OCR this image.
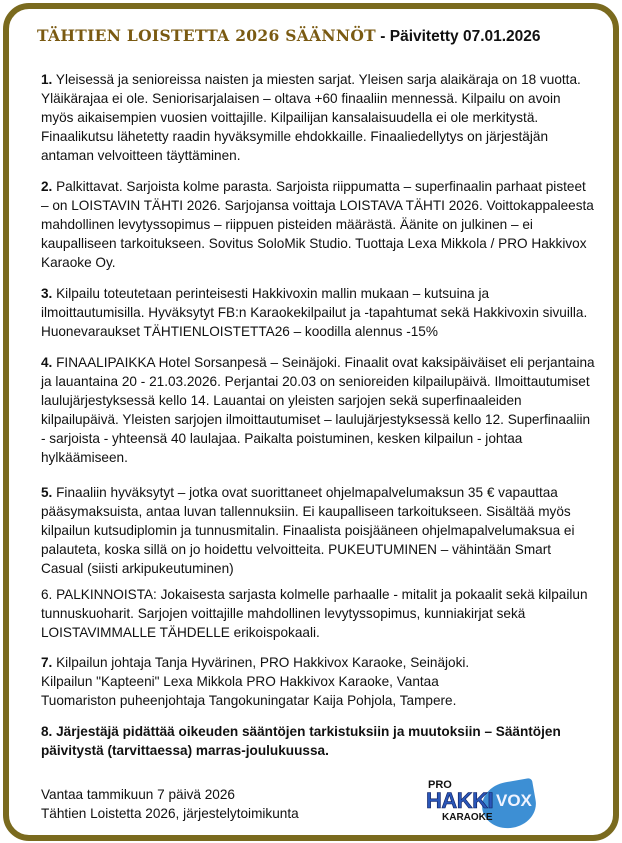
TÄHTIEN LOISTETTA 2026 SÄÄNNÖT - Päivitetty 07.01.2026

1. Yleisessä ja senioreissa naisten ja miesten sarjat. Yleisen sarja alaikäraja on 18 vuotta. Yläikärajaa ei ole. Seniorisarjalaisen – oltava +60 finaaliin mennessä. Kilpailu on avoin myös aikaisempien vuosien voittajille. Kilpailijan kansalaisuudella ei ole merkitystä. Finaalikutsu lähetetty raadin hyväksymille ehdokkaille. Finaaliedellytys on järjestäjän antaman velvoitteen täyttäminen.

2. Palkittavat. Sarjoista kolme parasta. Sarjoista riippumatta – superfinaalin parhaat pisteet – on LOISTAVIN TÄHTI 2026. Sarjojansa voittaja LOISTAVA TÄHTI 2026. Voittokappaleesta mahdollinen levytyssopimus – riippuen pisteiden määrästä. Äänite on julkinen – ei kaupalliseen tarkoitukseen. Sovitus SoloMik Studio. Tuottaja Lexa Mikkola / PRO Hakkivox Karaoke Oy.

3. Kilpailu toteutetaan perinteisesti Hakkivoxin mallin mukaan – kutsuina ja ilmoittautumisilla. Hyväksytyt FB:n Karaokekilpailut ja -tapahtumat sekä Hakkivoxin sivuilla. Huonevaraukset TÄHTIENLOISTETTA26 – koodilla alennus -15%

4. FINAALIPAIKKA Hotel Sorsanpesä – Seinäjoki. Finaalit ovat kaksipäiväiset eli perjantaina ja lauantaina 20 - 21.03.2026. Perjantai 20.03 on senioreiden kilpailupäivä. Ilmoittautumiset laulujärjestyksessä kello 14. Lauantai on yleisten sarjojen sekä superfinaaleiden kilpailupäivä. Yleisten sarjojen ilmoittautumiset – laulujärjestyksessä kello 12. Superfinaaliin - sarjoista - yhteensä 40 laulajaa. Paikalta poistuminen, kesken kilpailun - johtaa hylkäämiseen.

5. Finaaliin hyväksytyt – jotka ovat suorittaneet ohjelmapalvelumaksun 35 € vapauttaa pääsymaksuista, antaa luvan tallennuksiin. Ei kaupalliseen tarkoitukseen. Sisältää myös kilpailun kutsudiplomin ja tunnusmitalin. Finaalista poisjääneen ohjelmapalvelumaksua ei palauteta, koska sillä on jo hoidettu velvoitteita. PUKEUTUMINEN – vähintään Smart Casual (siisti arkipukeutuminen)

6. PALKINNOISTA: Jokaisesta sarjasta kolmelle parhaalle - mitalit ja pokaalit sekä kilpailun tunnuskuoharit. Sarjojen voittajille mahdollinen levytyssopimus, kunniakirjat sekä LOISTAVIMMALLE TÄHDELLE erikoispokaali.

7. Kilpailun johtaja Tanja Hyvärinen, PRO Hakkivox Karaoke, Seinäjoki.
Kilpailun "Kapteeni" Lexa Mikkola PRO Hakkivox Karaoke, Vantaa
Tuomariston puheenjohtaja Tangokuningatar Kaija Pohjola, Tampere.

8. Järjestäjä pidättää oikeuden sääntöjen tarkistuksiin ja muutoksiin – Sääntöjen päivitystä (tarvittaessa) marras-joulukuussa.

Vantaa tammikuun 7 päivä 2026
Tähtien Loistetta 2026, järjestelytoimikunta
PRO
HAKKI VOX
KARAOKE
